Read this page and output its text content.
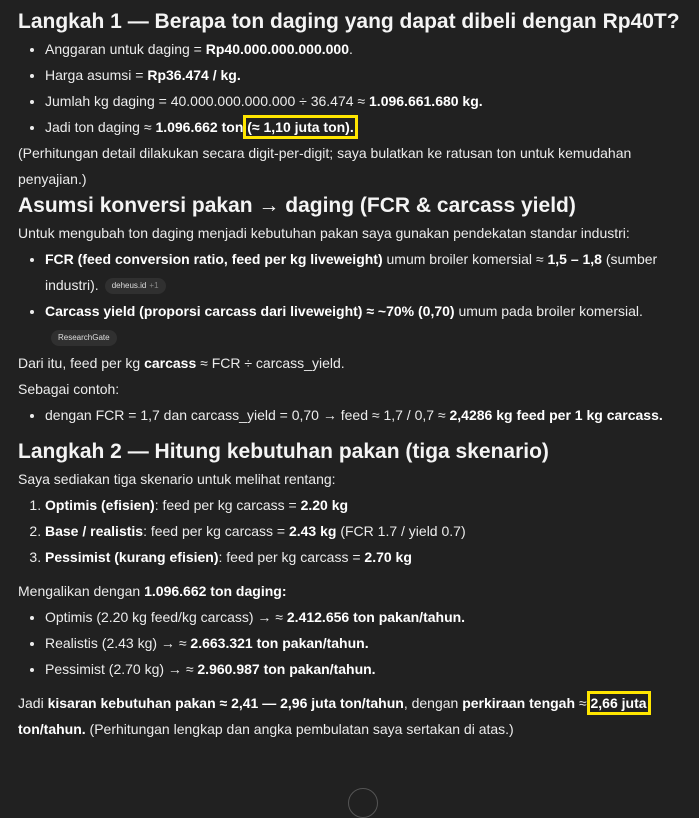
Langkah 1 — Berapa ton daging yang dapat dibeli dengan Rp40T?
• Anggaran untuk daging = Rp40.000.000.000.000.
• Harga asumsi = Rp36.474 / kg.
• Jumlah kg daging = 40.000.000.000.000 ÷ 36.474 ≈ 1.096.661.680 kg.
• Jadi ton daging ≈ 1.096.662 ton (≈ 1,10 juta ton).

(Perhitungan detail dilakukan secara digit-per-digit; saya bulatkan ke ratusan ton untuk kemudahan penyajian.)

Asumsi konversi pakan → daging (FCR & carcass yield)

Untuk mengubah ton daging menjadi kebutuhan pakan saya gunakan pendekatan standar industri:

• FCR (feed conversion ratio, feed per kg liveweight) umum broiler komersial ≈ 1,5 – 1,8 (sumber industri). deheus.id +1
• Carcass yield (proporsi carcass dari liveweight) ≈ ~70% (0,70) umum pada broiler komersial.
ResearchGate

Dari itu, feed per kg carcass ≈ FCR ÷ carcass_yield.

Sebagai contoh:

• dengan FCR = 1,7 dan carcass_yield = 0,70 → feed ≈ 1,7 / 0,7 ≈ 2,4286 kg feed per 1 kg carcass.
Langkah 2 — Hitung kebutuhan pakan (tiga skenario)

Saya sediakan tiga skenario untuk melihat rentang:

1. Optimis (efisien): feed per kg carcass = 2.20 kg
2. Base / realistis: feed per kg carcass = 2.43 kg (FCR 1.7 / yield 0.7)
3. Pessimist (kurang efisien): feed per kg carcass = 2.70 kg

Mengalikan dengan 1.096.662 ton daging:

• Optimis (2.20 kg feed/kg carcass) → ≈ 2.412.656 ton pakan/tahun.
• Realistis (2.43 kg) → ≈ 2.663.321 ton pakan/tahun.
• Pessimist (2.70 kg) → ≈ 2.960.987 ton pakan/tahun.

Jadi kisaran kebutuhan pakan ≈ 2,41 — 2,96 juta ton/tahun, dengan perkiraan tengah ≈ 2,66 juta ton/tahun. (Perhitungan lengkap dan angka pembulatan saya sertakan di atas.)
